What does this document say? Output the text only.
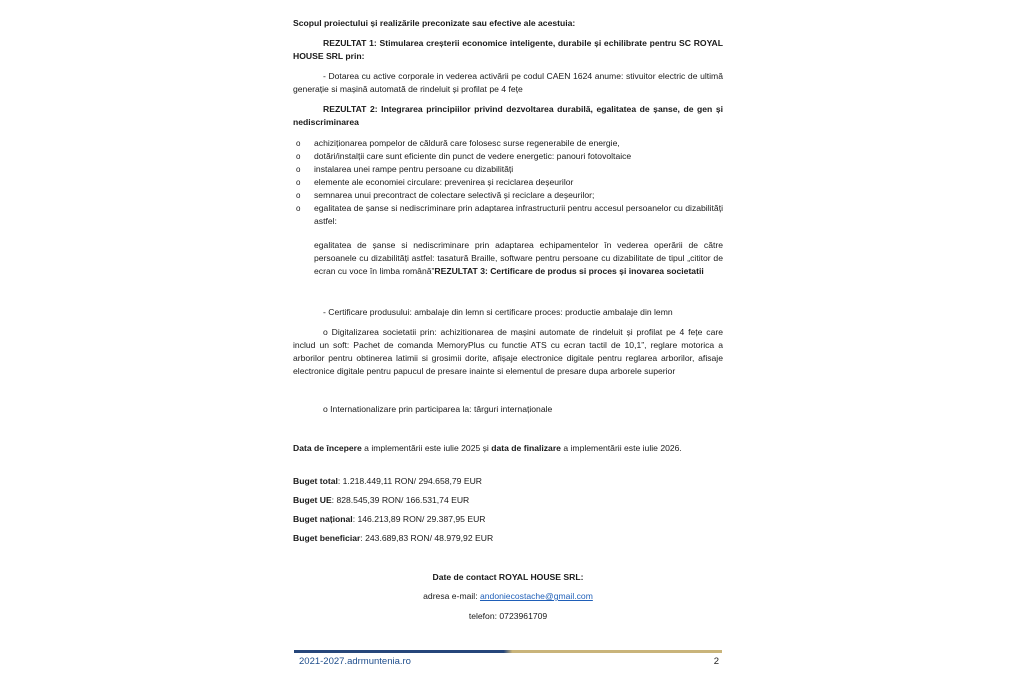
Scopul proiectului și realizările preconizate sau efective ale acestuia:

REZULTAT 1: Stimularea creșterii economice inteligente, durabile și echilibrate pentru SC ROYAL HOUSE SRL prin:

- Dotarea cu active corporale in vederea activării pe codul CAEN 1624 anume: stivuitor electric de ultimă generație si mașină automată de rindeluit și profilat pe 4 fețe

REZULTAT 2: Integrarea principiilor privind dezvoltarea durabilă, egalitatea de șanse, de gen și nediscriminarea

o achiziționarea pompelor de căldură care folosesc surse regenerabile de energie,
o dotări/instalții care sunt eficiente din punct de vedere energetic: panouri fotovoltaice
o instalarea unei rampe pentru persoane cu dizabilități
o elemente ale economiei circulare: prevenirea și reciclarea deșeurilor
o semnarea unui precontract de colectare selectivă și reciclare a deșeurilor;
o egalitatea de șanse si nediscriminare prin adaptarea infrastructurii pentru accesul persoanelor cu dizabilități astfel:

egalitatea de șanse si nediscriminare prin adaptarea echipamentelor în vederea operării de către persoanele cu dizabilități astfel: tasatură Braille, software pentru persoane cu dizabilitate de tipul „cititor de ecran cu voce în limba română”REZULTAT 3: Certificare de produs si proces și inovarea societatii

- Certificare produsului: ambalaje din lemn si certificare proces: productie ambalaje din lemn

o Digitalizarea societatii prin: achizitionarea de mașini automate de rindeluit și profilat pe 4 fețe care includ un soft: Pachet de comanda MemoryPlus cu functie ATS cu ecran tactil de 10,1”, reglare motorica a arborilor pentru obtinerea latimii si grosimii dorite, afișaje electronice digitale pentru reglarea arborilor, afisaje electronice digitale pentru papucul de presare inainte si elementul de presare dupa arborele superior

o Internationalizare prin participarea la: târguri internaționale

Data de începere a implementării este iulie 2025 și data de finalizare a implementării este iulie 2026.

Buget total: 1.218.449,11 RON/ 294.658,79 EUR

Buget UE: 828.545,39 RON/ 166.531,74 EUR

Buget național: 146.213,89 RON/ 29.387,95 EUR

Buget beneficiar: 243.689,83 RON/ 48.979,92 EUR

Date de contact ROYAL HOUSE SRL:

adresa e-mail: andoniecostache@gmail.com

telefon: 0723961709

2021-2027.adrmuntenia.ro	2
